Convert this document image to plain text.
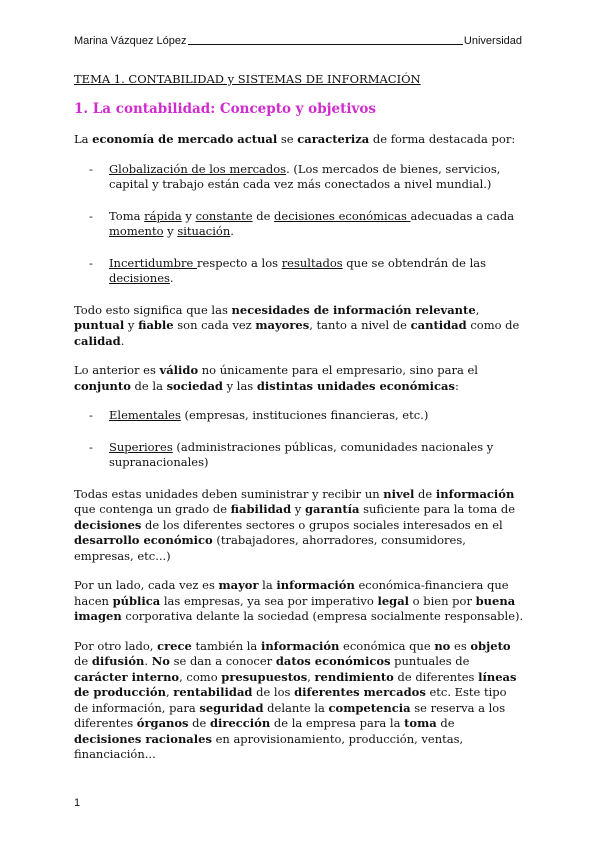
Marina Vázquez López	Universidad
TEMA 1. CONTABILIDAD y SISTEMAS DE INFORMACIÓN
1. La contabilidad: Concepto y objetivos

La economía de mercado actual se caracteriza de forma destacada por:

- Globalización de los mercados. (Los mercados de bienes, servicios, capital y trabajo están cada vez más conectados a nivel mundial.)
- Toma rápida y constante de decisiones económicas adecuadas a cada momento y situación.
- Incertidumbre respecto a los resultados que se obtendrán de las decisiones.

Todo esto significa que las necesidades de información relevante, puntual y fiable son cada vez mayores, tanto a nivel de cantidad como de calidad.

Lo anterior es válido no únicamente para el empresario, sino para el conjunto de la sociedad y las distintas unidades económicas:

- Elementales (empresas, instituciones financieras, etc.)
- Superiores (administraciones públicas, comunidades nacionales y supranacionales)

Todas estas unidades deben suministrar y recibir un nivel de información que contenga un grado de fiabilidad y garantía suficiente para la toma de decisiones de los diferentes sectores o grupos sociales interesados en el desarrollo económico (trabajadores, ahorradores, consumidores, empresas, etc...)

Por un lado, cada vez es mayor la información económica-financiera que hacen pública las empresas, ya sea por imperativo legal o bien por buena imagen corporativa delante la sociedad (empresa socialmente responsable).

Por otro lado, crece también la información económica que no es objeto de difusión. No se dan a conocer datos económicos puntuales de carácter interno, como presupuestos, rendimiento de diferentes líneas de producción, rentabilidad de los diferentes mercados etc. Este tipo de información, para seguridad delante la competencia se reserva a los diferentes órganos de dirección de la empresa para la toma de decisiones racionales en aprovisionamiento, producción, ventas, financiación...

1
